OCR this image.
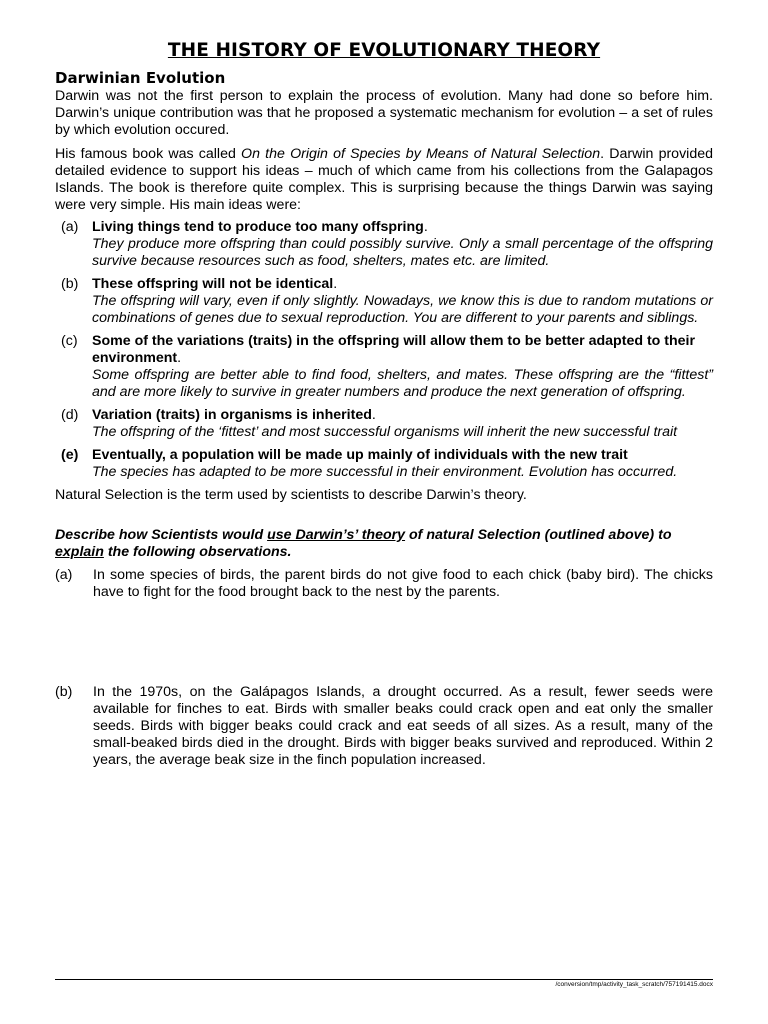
THE HISTORY OF EVOLUTIONARY THEORY
Darwinian Evolution

Darwin was not the first person to explain the process of evolution. Many had done so before him. Darwin’s unique contribution was that he proposed a systematic mechanism for evolution – a set of rules by which evolution occured.

His famous book was called On the Origin of Species by Means of Natural Selection. Darwin provided detailed evidence to support his ideas – much of which came from his collections from the Galapagos Islands. The book is therefore quite complex. This is surprising because the things Darwin was saying were very simple. His main ideas were:

(a) Living things tend to produce too many offspring.
They produce more offspring than could possibly survive. Only a small percentage of the offspring survive because resources such as food, shelters, mates etc. are limited.
(b) These offspring will not be identical.
The offspring will vary, even if only slightly. Nowadays, we know this is due to random mutations or combinations of genes due to sexual reproduction. You are different to your parents and siblings.
(c)	Some of the variations (traits) in the offspring will allow them to be better adapted to their environment.
Some offspring are better able to find food, shelters, and mates. These offspring are the “fittest” and are more likely to survive in greater numbers and produce the next generation of offspring.
(d) Variation (traits) in organisms is inherited.
The offspring of the ‘fittest’ and most successful organisms will inherit the new successful trait
(e) Eventually, a population will be made up mainly of individuals with the new trait
The species has adapted to be more successful in their environment. Evolution has occurred.

Natural Selection is the term used by scientists to describe Darwin’s theory.

Describe how Scientists would use Darwin’s’ theory of natural Selection (outlined above) to explain the following observations.
(a)	In some species of birds, the parent birds do not give food to each chick (baby bird). The chicks have to fight for the food brought back to the nest by the parents.
(b)	In the 1970s, on the Galápagos Islands, a drought occurred. As a result, fewer seeds were available for finches to eat. Birds with smaller beaks could crack open and eat only the smaller seeds. Birds with bigger beaks could crack and eat seeds of all sizes. As a result, many of the small-beaked birds died in the drought. Birds with bigger beaks survived and reproduced. Within 2 years, the average beak size in the finch population increased.
/conversion/tmp/activity_task_scratch/757191415.docx
